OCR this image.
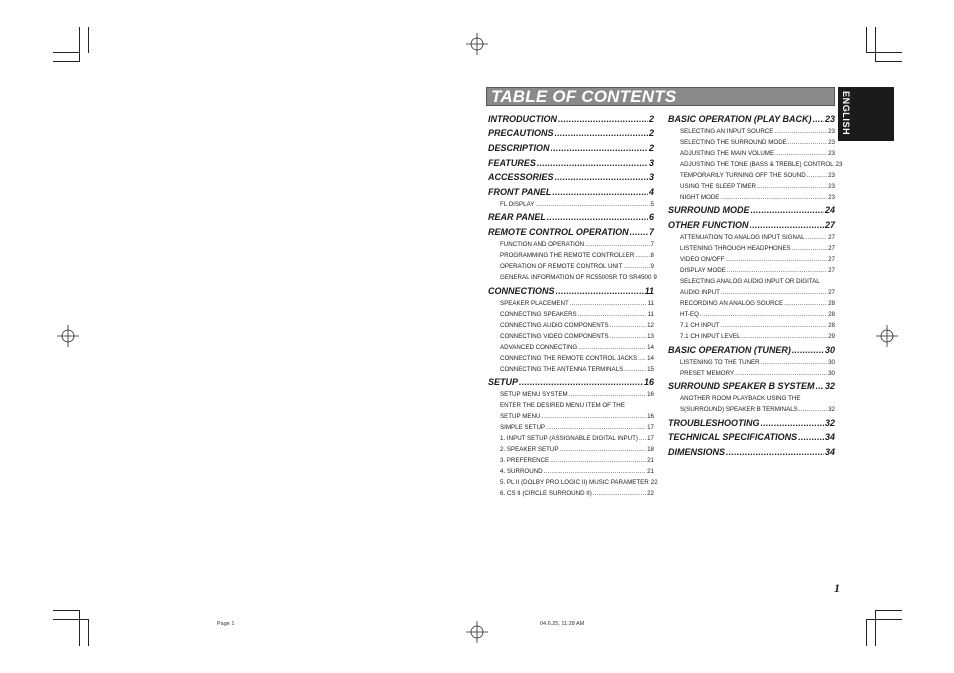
TABLE OF CONTENTS	ENGLISH
INTRODUCTION .....	2
PRECAUTIONS .....	2
DESCRIPTION .....	2
FEATURES .....	3
ACCESSORIES .....	3
FRONT PANEL .....	4
FL DISPLAY .....	5
REAR PANEL .....	6
REMOTE CONTROL OPERATION ..... 7
FUNCTION AND OPERATION .....	7
PROGRAMMING THE REMOTE CONTROLLER .....	8
OPERATION OF REMOTE CONTROL UNIT .....	9
GENERAL INFORMATION OF RC5500SR TO SR4500 9
CONNECTIONS .....	11
SPEAKER PLACEMENT .....	11
CONNECTING SPEAKERS .....	11
CONNECTING AUDIO COMPONENTS .....	12
CONNECTING VIDEO COMPONENTS .....	13
ADVANCED CONNECTING .....	14
CONNECTING THE REMOTE CONTROL JACKS ..... 14
CONNECTING THE ANTENNA TERMINALS .....	15
SETUP .....	16
SETUP MENU SYSTEM .....	16
ENTER THE DESIRED MENU ITEM OF THE
SETUP MENU .....	16
SIMPLE SETUP .....	17
1. INPUT SETUP (ASSIGNABLE DIGITAL INPUT) ..... 17
2. SPEAKER SETUP .....	18
3. PREFERENCE .....	21
4. SURROUND .....	21
5. PL II (DOLBY PRO LOGIC II) MUSIC PARAMETER 22
6. CS II (CIRCLE SURROUND II) .....	22
BASIC OPERATION (PLAY BACK) ..... 23
SELECTING AN INPUT SOURCE .....	23
SELECTING THE SURROUND MODE .....	23
ADJUSTING THE MAIN VOLUME .....	23
ADJUSTING THE TONE (BASS & TREBLE) CONTROL 23
TEMPORARILY TURNING OFF THE SOUND .....	23
USING THE SLEEP TIMER .....	23
NIGHT MODE .....	23
SURROUND MODE .....	24
OTHER FUNCTION .....	27
ATTENUATION TO ANALOG INPUT SIGNAL .....	27
LISTENING THROUGH HEADPHONES .....	27
VIDEO ON/OFF .....	27
DISPLAY MODE .....	27
SELECTING ANALOG AUDIO INPUT OR DIGITAL
AUDIO INPUT .....	27
RECORDING AN ANALOG SOURCE .....	28
HT-EQ .....	28
7.1 CH INPUT .....	28
7.1 CH INPUT LEVEL .....	29
BASIC OPERATION (TUNER) .....	30
LISTENING TO THE TUNER .....	30
PRESET MEMORY .....	30
SURROUND SPEAKER B SYSTEM ..... 32
ANOTHER ROOM PLAYBACK USING THE
S(SURROUND) SPEAKER B TERMINALS .....	32
TROUBLESHOOTING .....	32
TECHNICAL SPECIFICATIONS .....	34
DIMENSIONS .....	34
1
Page 1	04.6.25, 11:28 AM
